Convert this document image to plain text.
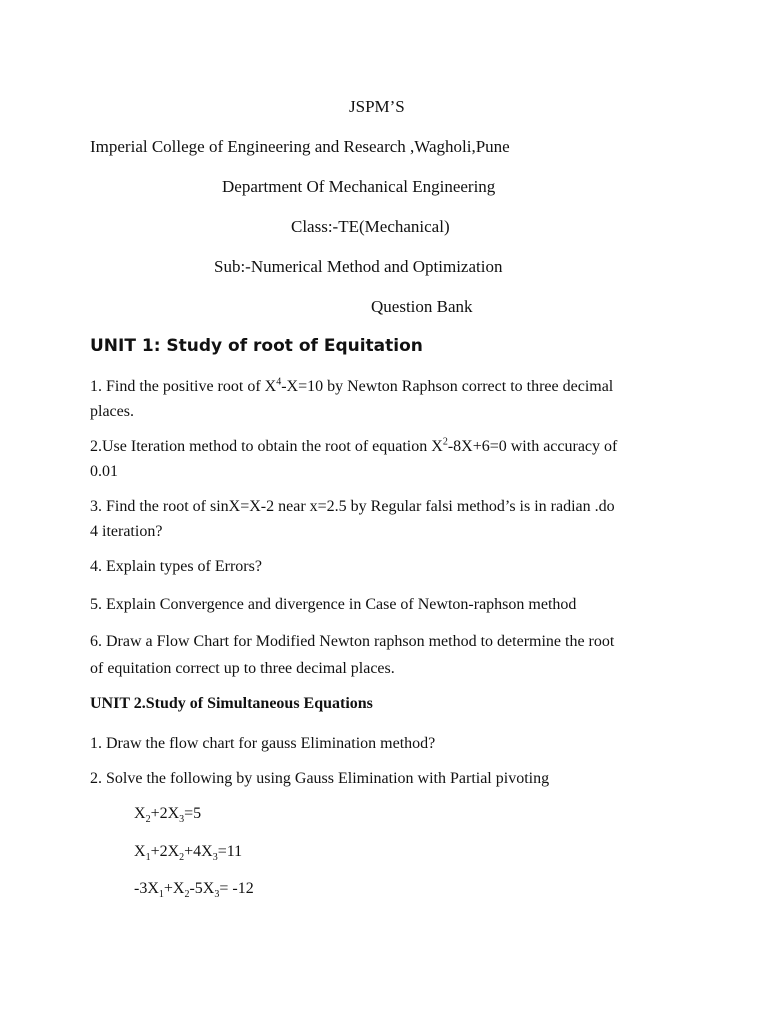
JSPM’S
Imperial College of Engineering and Research ,Wagholi,Pune
Department Of Mechanical Engineering
Class:-TE(Mechanical)
Sub:-Numerical Method and Optimization
Question Bank
UNIT 1: Study of root of Equitation
1. Find the positive root of $X^4-X=10$ by Newton Raphson correct to three decimal
places.
2.Use Iteration method to obtain the root of equation $X^2-8X+6=0$ with accuracy of
0.01
3. Find the root of sinX=X-2 near x=2.5 by Regular falsi method’s is in radian .do
4 iteration?
4. Explain types of Errors?
5. Explain Convergence and divergence in Case of Newton-raphson method
6. Draw a Flow Chart for Modified Newton raphson method to determine the root
of equitation correct up to three decimal places.
UNIT 2.Study of Simultaneous Equations
1. Draw the flow chart for gauss Elimination method?
2. Solve the following by using Gauss Elimination with Partial pivoting
$X_2+2X_3=5$
$X_1+2X_2+4X_3=11$
$-3X_1+X_2-5X_3= -12$
